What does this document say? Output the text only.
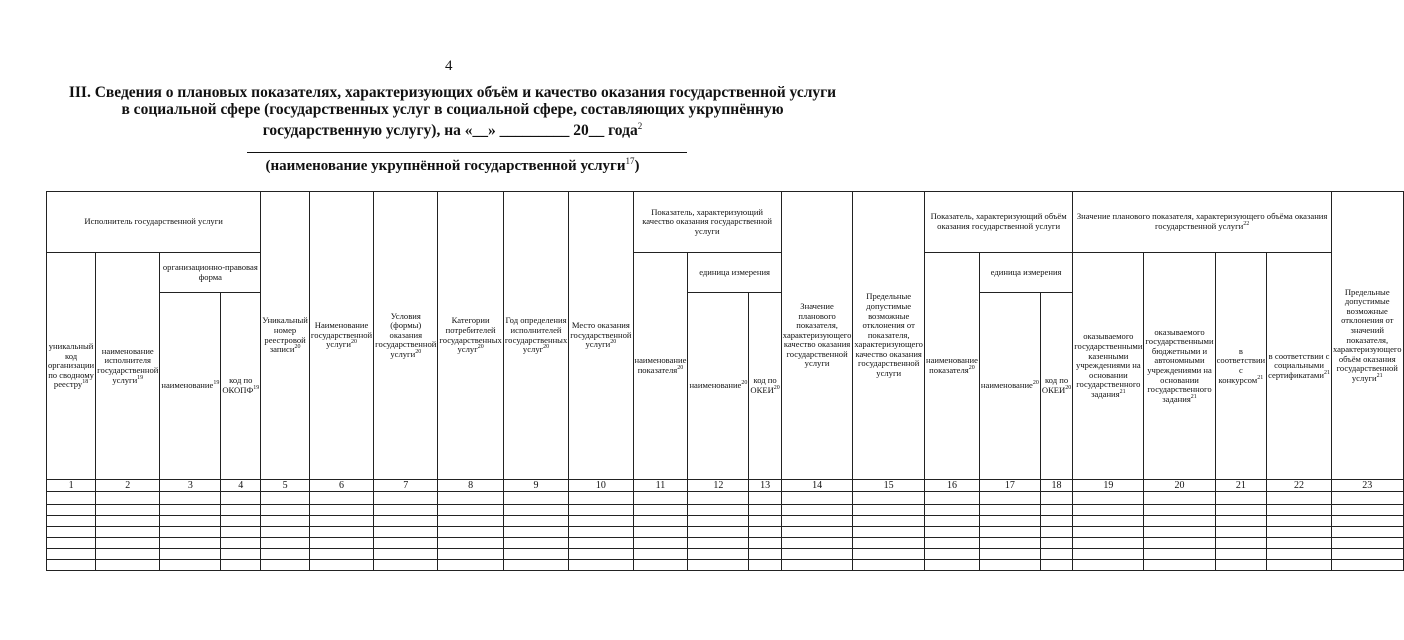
4
III. Сведения о плановых показателях, характеризующих объём и качество оказания государственной услуги
в социальной сфере (государственных услуг в социальной сфере, составляющих укрупнённую
государственную услугу), на «__» _________ 20__ года$^2$
(наименование укрупнённой государственной услуги$^{17}$)
Исполнитель государственной услуги				Уникальный номер реестровой записи$^{20}$	Наименование государственной услуги$^{20}$	Условия (формы) оказания государственной услуги$^{20}$	Категории потребителей государственных услуг$^{20}$	Год определения исполнителей государственных услуг$^{20}$	Место оказания государственной услуги$^{20}$	Показатель, характеризующий качество оказания государственной услуги			Значение планового показателя, характеризующего качество оказания государственной услуги	Предельные допустимые возможные отклонения от показателя, характеризующего качество оказания государственной услуги	Показатель, характеризующий объём оказания государственной услуги			Значение планового показателя, характеризующего объёма оказания государственной услуги$^{22}$				Предельные допустимые возможные отклонения от значений показателя, характеризующего объём оказания государственной услуги$^{21}$

уникальный код организации по сводному реестру$^{18}$	наименование исполнителя государственной услуги$^{19}$	организационно-правовая форма								наименование показателя$^{20}$	единица измерения				наименование показателя$^{20}$	единица измерения		оказываемого государственными казенными учреждениями на основании государственного задания$^{21}$	оказываемого государственными бюджетными и автономными учреждениями на основании государственного задания$^{21}$	в соответствии с конкурсом$^{21}$	в соответствии с социальными сертификатами$^{21}$
		наименование$^{19}$	код по ОКОПФ$^{19}$								наименование$^{20}$	код по ОКЕИ$^{20}$				наименование$^{20}$	код по ОКЕИ$^{20}$
1	2	3	4	5	6	7	8	9	10	11	12	13	14	15	16	17	18	19	20	21	22	23
